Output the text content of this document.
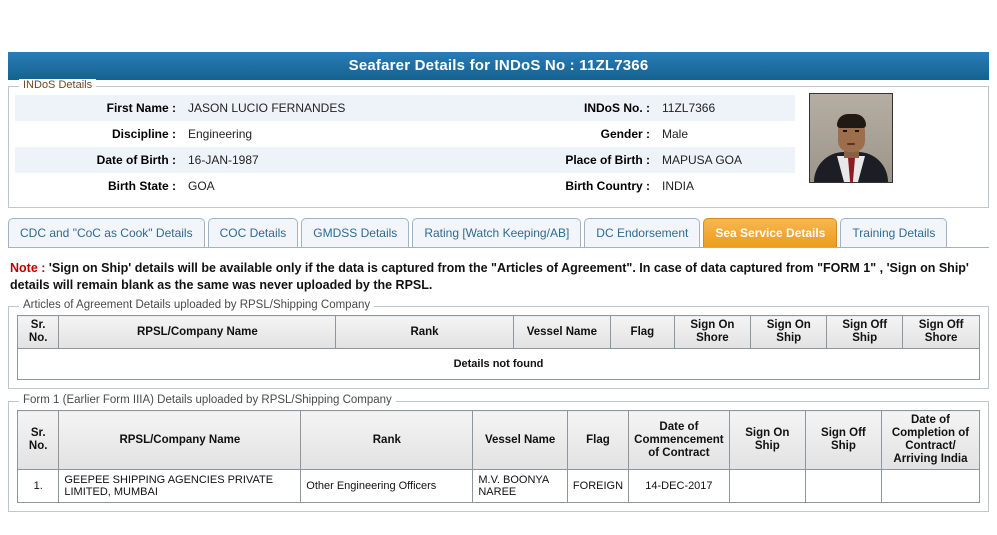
Seafarer Details for INDoS No : 11ZL7366
INDoS Details
First Name :	JASON LUCIO FERNANDES	INDoS No. :	11ZL7366
Discipline :	Engineering	Gender :	Male
Date of Birth :	16-JAN-1987	Place of Birth :	MAPUSA GOA
Birth State :	GOA	Birth Country :	INDIA
CDC and "CoC as Cook" Details	COC Details	GMDSS Details	Rating [Watch Keeping/AB]	DC Endorsement	Sea Service Details	Training Details
Note : 'Sign on Ship' details will be available only if the data is captured from the "Articles of Agreement". In case of data captured from "FORM 1" , 'Sign on Ship' details will remain blank as the same was never uploaded by the RPSL.
Articles of Agreement Details uploaded by RPSL/Shipping Company
Sr. No.	RPSL/Company Name	Rank	Vessel Name	Flag	Sign On Shore	Sign On Ship	Sign Off Ship	Sign Off Shore
Details not found
Form 1 (Earlier Form IIIA) Details uploaded by RPSL/Shipping Company
Sr. No.	RPSL/Company Name	Rank	Vessel Name	Flag	Date of Commencement of Contract	Sign On Ship	Sign Off Ship	Date of Completion of Contract/ Arriving India
1.	GEEPEE SHIPPING AGENCIES PRIVATE LIMITED, MUMBAI	Other Engineering Officers	M.V. BOONYA NAREE	FOREIGN	14-DEC-2017			
